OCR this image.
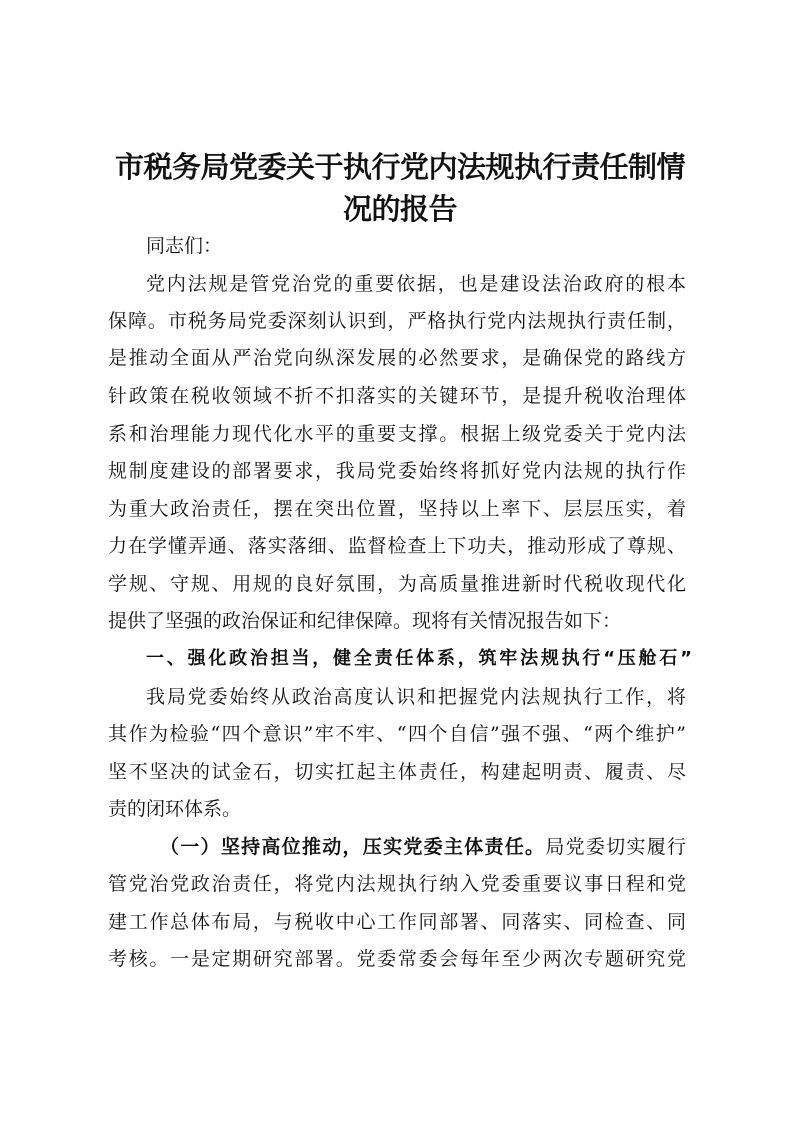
市税务局党委关于执行党内法规执行责任制情
况的报告
同志们：
党内法规是管党治党的重要依据，也是建设法治政府的根本
保障。市税务局党委深刻认识到，严格执行党内法规执行责任制，
是推动全面从严治党向纵深发展的必然要求，是确保党的路线方
针政策在税收领域不折不扣落实的关键环节，是提升税收治理体
系和治理能力现代化水平的重要支撑。根据上级党委关于党内法
规制度建设的部署要求，我局党委始终将抓好党内法规的执行作
为重大政治责任，摆在突出位置，坚持以上率下、层层压实，着
力在学懂弄通、落实落细、监督检查上下功夫，推动形成了尊规、
学规、守规、用规的良好氛围，为高质量推进新时代税收现代化
提供了坚强的政治保证和纪律保障。现将有关情况报告如下：
一、强化政治担当，健全责任体系，筑牢法规执行“压舱石”
我局党委始终从政治高度认识和把握党内法规执行工作，将
其作为检验“四个意识”牢不牢、“四个自信”强不强、“两个维护”
坚不坚决的试金石，切实扛起主体责任，构建起明责、履责、尽
责的闭环体系。
（一）坚持高位推动，压实党委主体责任。局党委切实履行
管党治党政治责任，将党内法规执行纳入党委重要议事日程和党
建工作总体布局，与税收中心工作同部署、同落实、同检查、同
考核。一是定期研究部署。党委常委会每年至少两次专题研究党
